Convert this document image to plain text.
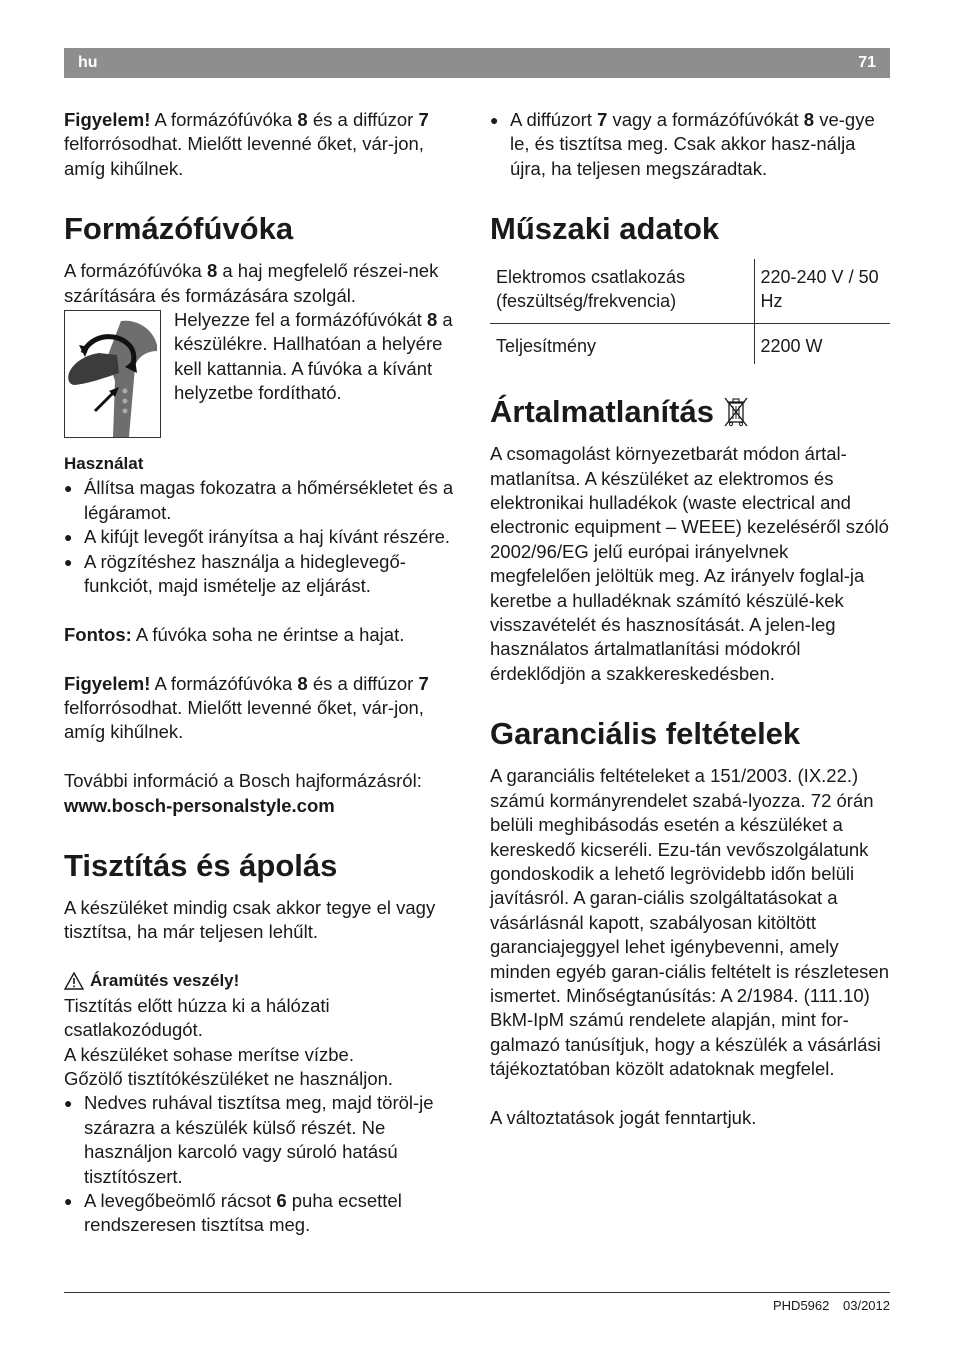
hu	71

Figyelem! A formázófúvóka 8 és a diffúzor 7 felforrósodhat. Mielőtt levenné őket, vár-jon, amíg kihűlnek.

Formázófúvóka

A formázófúvóka 8 a haj megfelelő részei-nek szárítására és formázására szolgál.

Helyezze fel a formázófúvókát 8 a készülékre. Hallhatóan a helyére kell kattannia. A fúvóka a kívánt helyzetbe fordítható.

Használat

● Állítsa magas fokozatra a hőmérsékletet és a légáramot.
● A kifújt levegőt irányítsa a haj kívánt részére.
● A rögzítéshez használja a hideglevegő-funkciót, majd ismételje az eljárást.

Fontos: A fúvóka soha ne érintse a hajat.

Figyelem! A formázófúvóka 8 és a diffúzor 7 felforrósodhat. Mielőtt levenné őket, vár-jon, amíg kihűlnek.

További információ a Bosch hajformázásról:

www.bosch-personalstyle.com

Tisztítás és ápolás

A készüléket mindig csak akkor tegye el vagy tisztítsa, ha már teljesen lehűlt.

Áramütés veszély!

Tisztítás előtt húzza ki a hálózati csatlakozódugót.

A készüléket sohase merítse vízbe.

Gőzölő tisztítókészüléket ne használjon.

● Nedves ruhával tisztítsa meg, majd töröl-je szárazra a készülék külső részét. Ne használjon karcoló vagy súroló hatású tisztítószert.
● A levegőbeömlő rácsot 6 puha ecsettel rendszeresen tisztítsa meg.
● A diffúzort 7 vagy a formázófúvókát 8 ve-gye le, és tisztítsa meg. Csak akkor hasz-nálja újra, ha teljesen megszáradtak.
Műszaki adatok
Elektromos csatlakozás (feszültség/frekvencia)	220-240 V / 50 Hz
Teljesítmény	2200 W
Ártalmatlanítás

A csomagolást környezetbarát módon ártal-matlanítsa. A készüléket az elektromos és elektronikai hulladékok (waste electrical and electronic equipment – WEEE) kezeléséről szóló 2002/96/EG jelű európai irányelvnek megfelelően jelöltük meg. Az irányelv foglal-ja keretbe a hulladéknak számító készülé-kek visszavételét és hasznosítását. A jelen-leg használatos ártalmatlanítási módokról érdeklődjön a szakkereskedésben.

Garanciális feltételek

A garanciális feltételeket a 151/2003. (IX.22.) számú kormányrendelet szabá-lyozza. 72 órán belüli meghibásodás esetén a készüléket a kereskedő kicseréli. Ezu-tán vevőszolgálatunk gondoskodik a lehető legrövidebb időn belüli javításról. A garan-ciális szolgáltatásokat a vásárlásnál kapott, szabályosan kitöltött garanciajeggyel lehet igénybevenni, amely minden egyéb garan-ciális feltételt is részletesen ismertet. Minőségtanúsítás: A 2/1984. (111.10) BkM-IpM számú rendelete alapján, mint for-galmazó tanúsítjuk, hogy a készülék a vásárlási tájékoztatóban közölt adatoknak megfelel.

A változtatások jogát fenntartjuk.

PHD5962 03/2012
